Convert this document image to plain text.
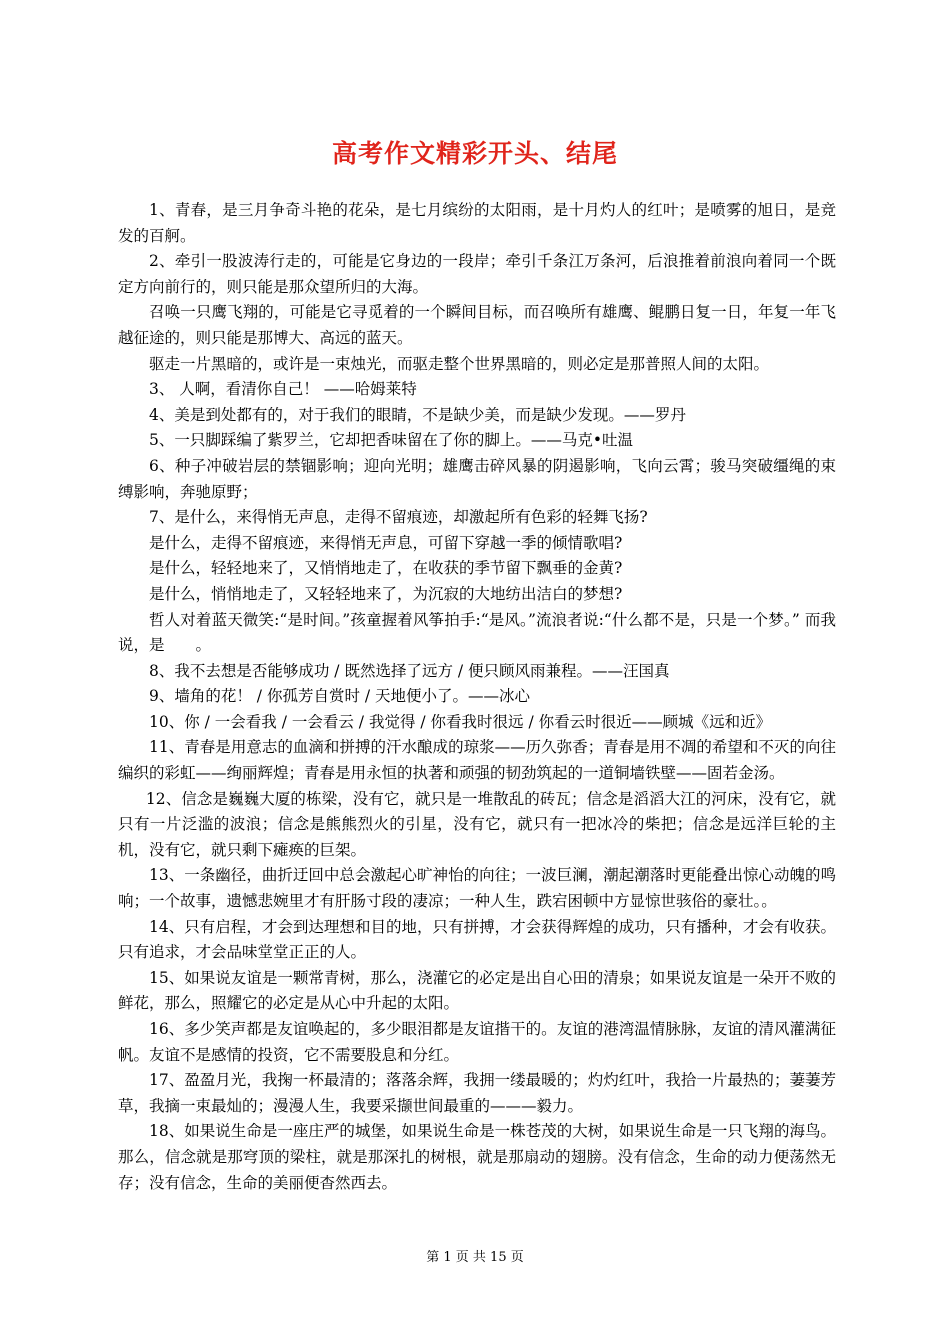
高考作文精彩开头、结尾

1、青春，是三月争奇斗艳的花朵，是七月缤纷的太阳雨，是十月灼人的红叶；是喷雾的旭日，是竞发的百舸。

2、牵引一股波涛行走的，可能是它身边的一段岸；牵引千条江万条河，后浪推着前浪向着同一个既定方向前行的，则只能是那众望所归的大海。

召唤一只鹰飞翔的，可能是它寻觅着的一个瞬间目标，而召唤所有雄鹰、鲲鹏日复一日，年复一年飞越征途的，则只能是那博大、高远的蓝天。

驱走一片黑暗的，或许是一束烛光，而驱走整个世界黑暗的，则必定是那普照人间的太阳。

3、 人啊，看清你自己！ ——哈姆莱特

4、美是到处都有的，对于我们的眼睛，不是缺少美，而是缺少发现。——罗丹

5、一只脚踩编了紫罗兰，它却把香味留在了你的脚上。——马克•吐温

6、种子冲破岩层的禁锢影响；迎向光明；雄鹰击碎风暴的阴遏影响，飞向云霄；骏马突破缰绳的束缚影响，奔驰原野；

7、是什么，来得悄无声息，走得不留痕迹，却激起所有色彩的轻舞飞扬?

是什么，走得不留痕迹，来得悄无声息，可留下穿越一季的倾情歌唱?

是什么，轻轻地来了，又悄悄地走了，在收获的季节留下飘垂的金黄?

是什么，悄悄地走了，又轻轻地来了，为沉寂的大地纺出洁白的梦想?

哲人对着蓝天微笑:“是时间。”孩童握着风筝拍手:“是风。”流浪者说:“什么都不是，只是一个梦。” 而我说，是　　。

8、我不去想是否能够成功 / 既然选择了远方 / 便只顾风雨兼程。——汪国真

9、墙角的花！ / 你孤芳自赏时 / 天地便小了。——冰心

10、你 / 一会看我 / 一会看云 / 我觉得 / 你看我时很远 / 你看云时很近——顾城《远和近》

11、青春是用意志的血滴和拼搏的汗水酿成的琼浆——历久弥香；青春是用不凋的希望和不灭的向往编织的彩虹——绚丽辉煌；青春是用永恒的执著和顽强的韧劲筑起的一道铜墙铁壁——固若金汤。

12、信念是巍巍大厦的栋梁，没有它，就只是一堆散乱的砖瓦；信念是滔滔大江的河床，没有它，就只有一片泛滥的波浪；信念是熊熊烈火的引星，没有它，就只有一把冰冷的柴把；信念是远洋巨轮的主机，没有它，就只剩下瘫痪的巨架。

13、一条幽径，曲折迂回中总会激起心旷神怡的向往；一波巨澜，潮起潮落时更能叠出惊心动魄的鸣响；一个故事，遗憾悲婉里才有肝肠寸段的凄凉；一种人生，跌宕困顿中方显惊世骇俗的豪壮。。

14、只有启程，才会到达理想和目的地，只有拼搏，才会获得辉煌的成功，只有播种，才会有收获。只有追求，才会品味堂堂正正的人。

15、如果说友谊是一颗常青树，那么，浇灌它的必定是出自心田的清泉；如果说友谊是一朵开不败的鲜花，那么，照耀它的必定是从心中升起的太阳。

16、多少笑声都是友谊唤起的，多少眼泪都是友谊揩干的。友谊的港湾温情脉脉，友谊的清风灌满征帆。友谊不是感情的投资，它不需要股息和分红。

17、盈盈月光，我掬一杯最清的；落落余辉，我拥一缕最暖的；灼灼红叶，我拾一片最热的；萋萋芳草，我摘一束最灿的；漫漫人生，我要采撷世间最重的———毅力。

18、如果说生命是一座庄严的城堡，如果说生命是一株苍茂的大树，如果说生命是一只飞翔的海鸟。那么，信念就是那穹顶的梁柱，就是那深扎的树根，就是那扇动的翅膀。没有信念，生命的动力便荡然无存；没有信念，生命的美丽便杳然西去。

第 1 页 共 15 页
